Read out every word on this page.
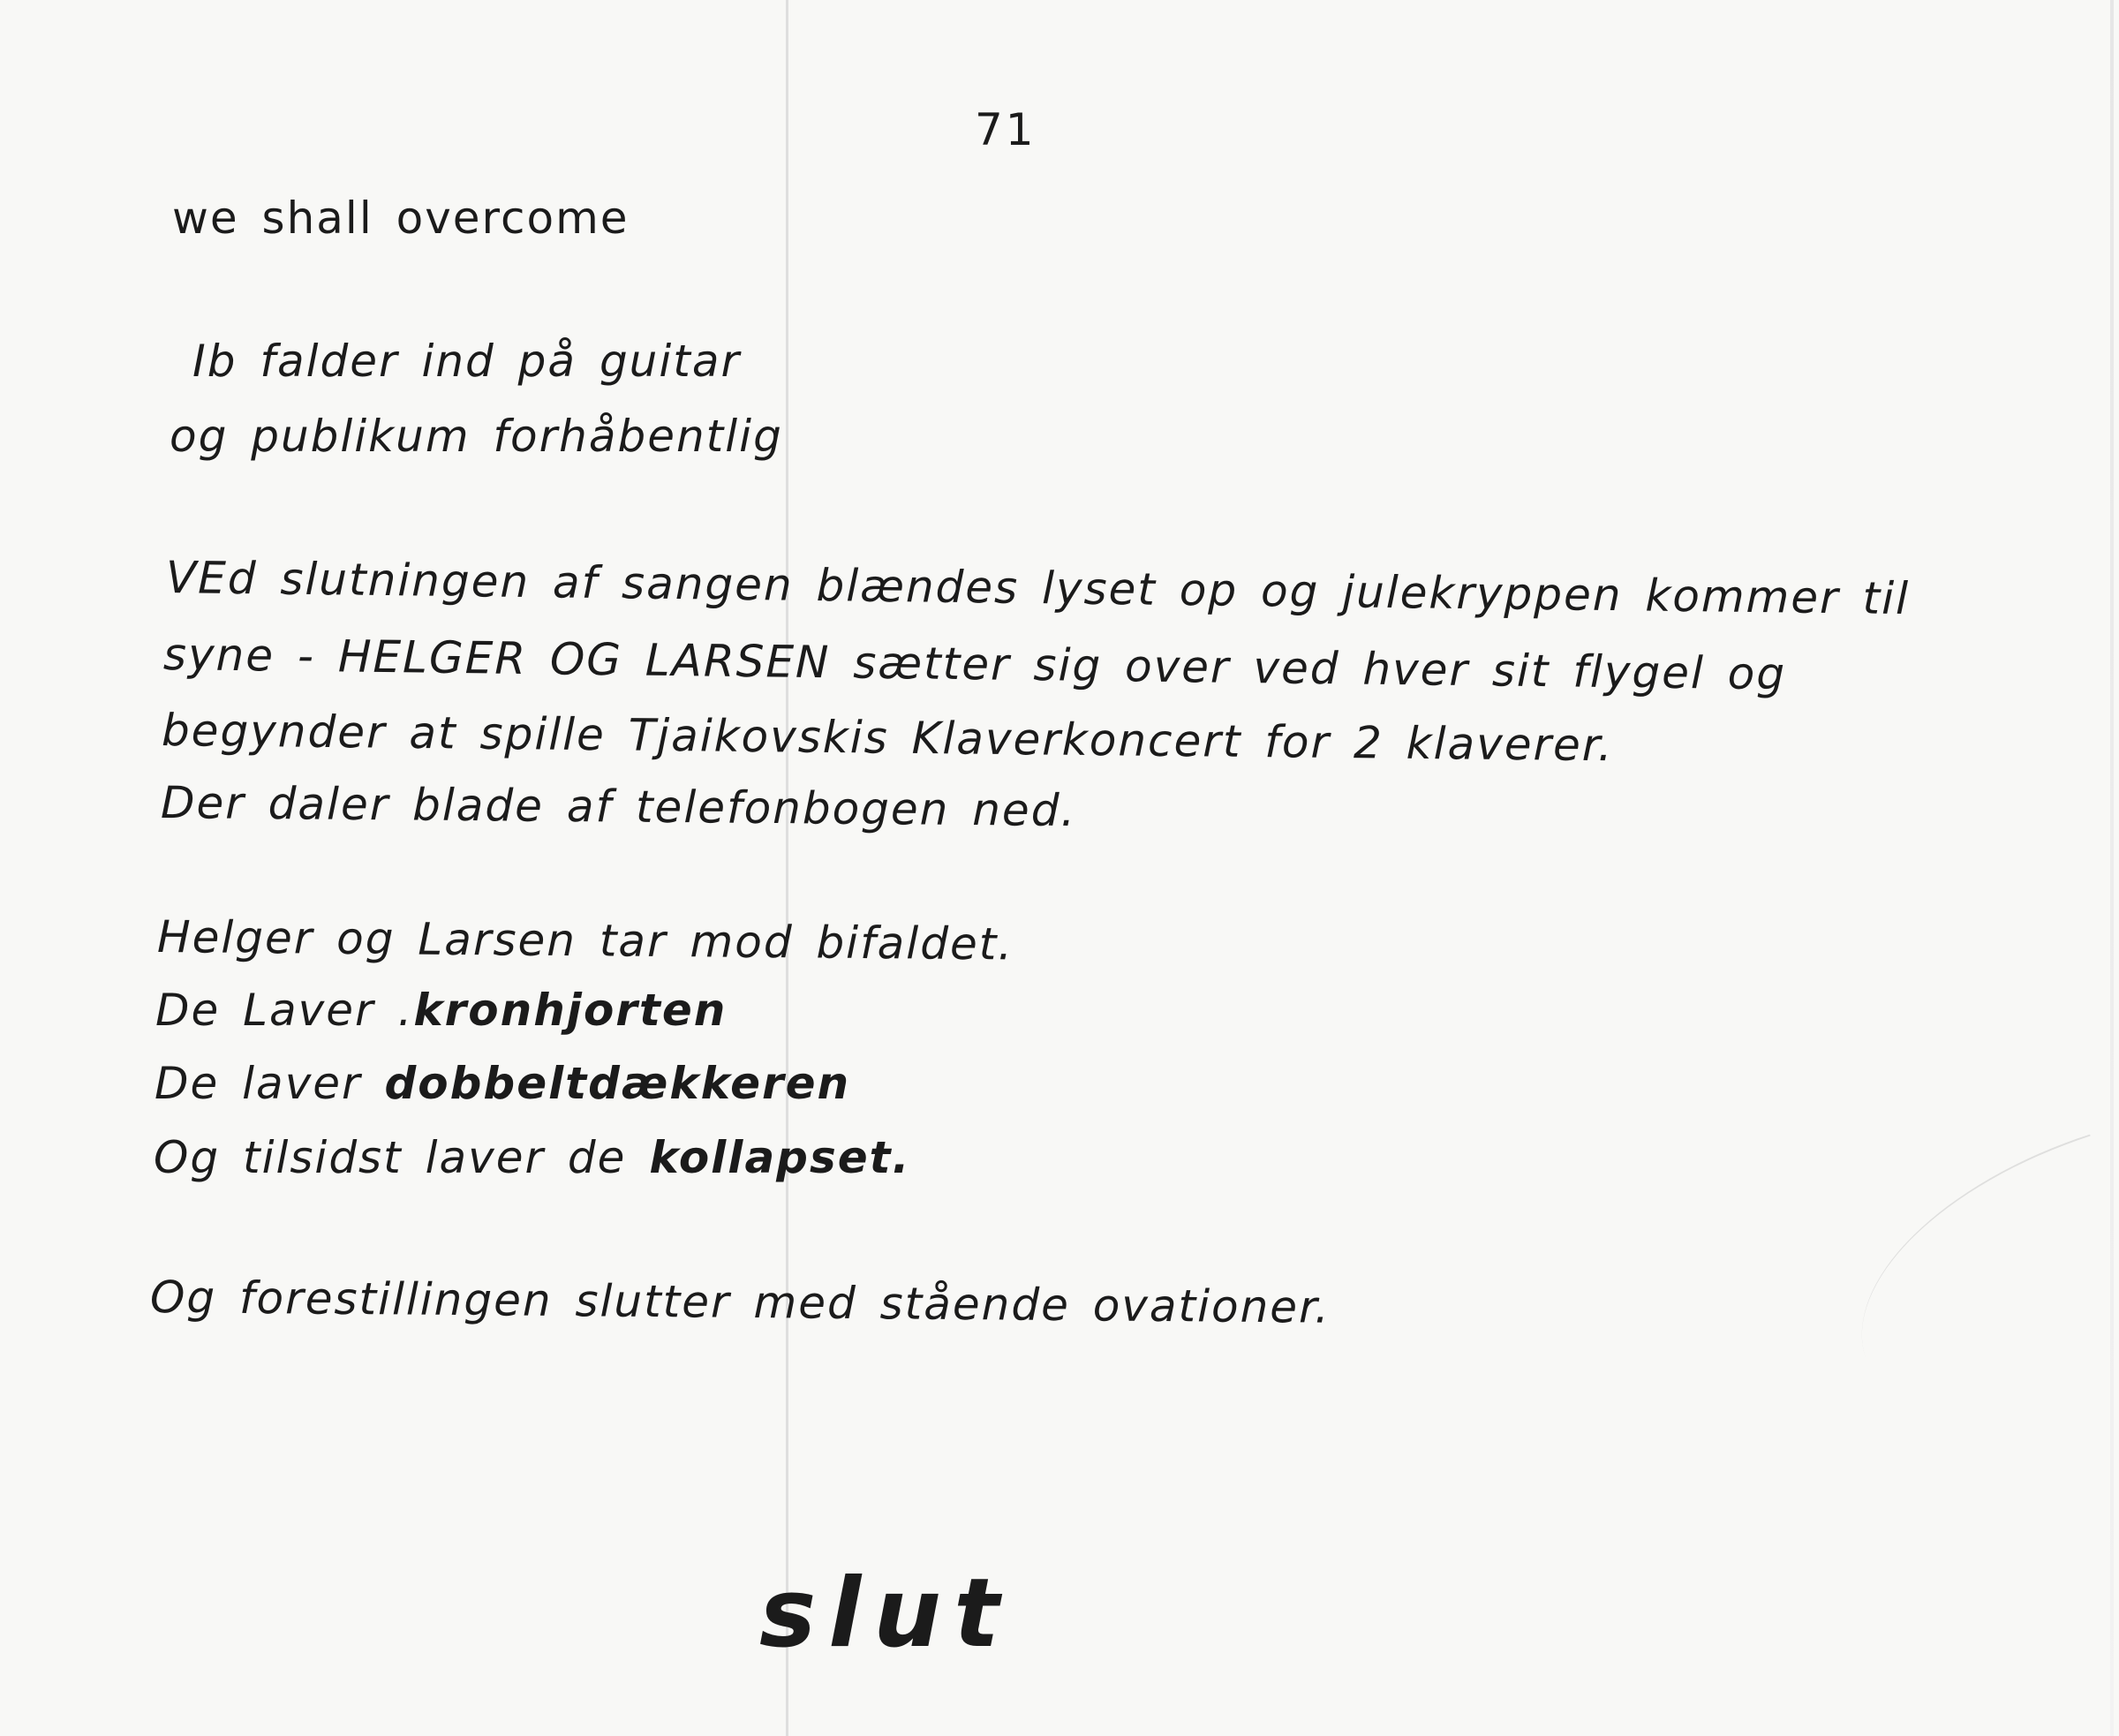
71
we shall overcome
Ib falder ind på guitar
og publikum forhåbentlig
VEd slutningen af sangen blændes lyset op og julekryppen kommer til
syne - HELGER OG LARSEN sætter sig over ved hver sit flygel og
begynder at spille Tjaikovskis Klaverkoncert for 2 klaverer.
Der daler blade af telefonbogen ned.
Helger og Larsen tar mod bifaldet.
De Laver .kronhjorten
De laver dobbeltdækkeren
Og tilsidst laver de kollapset.
Og forestillingen slutter med stående ovationer.
slut
